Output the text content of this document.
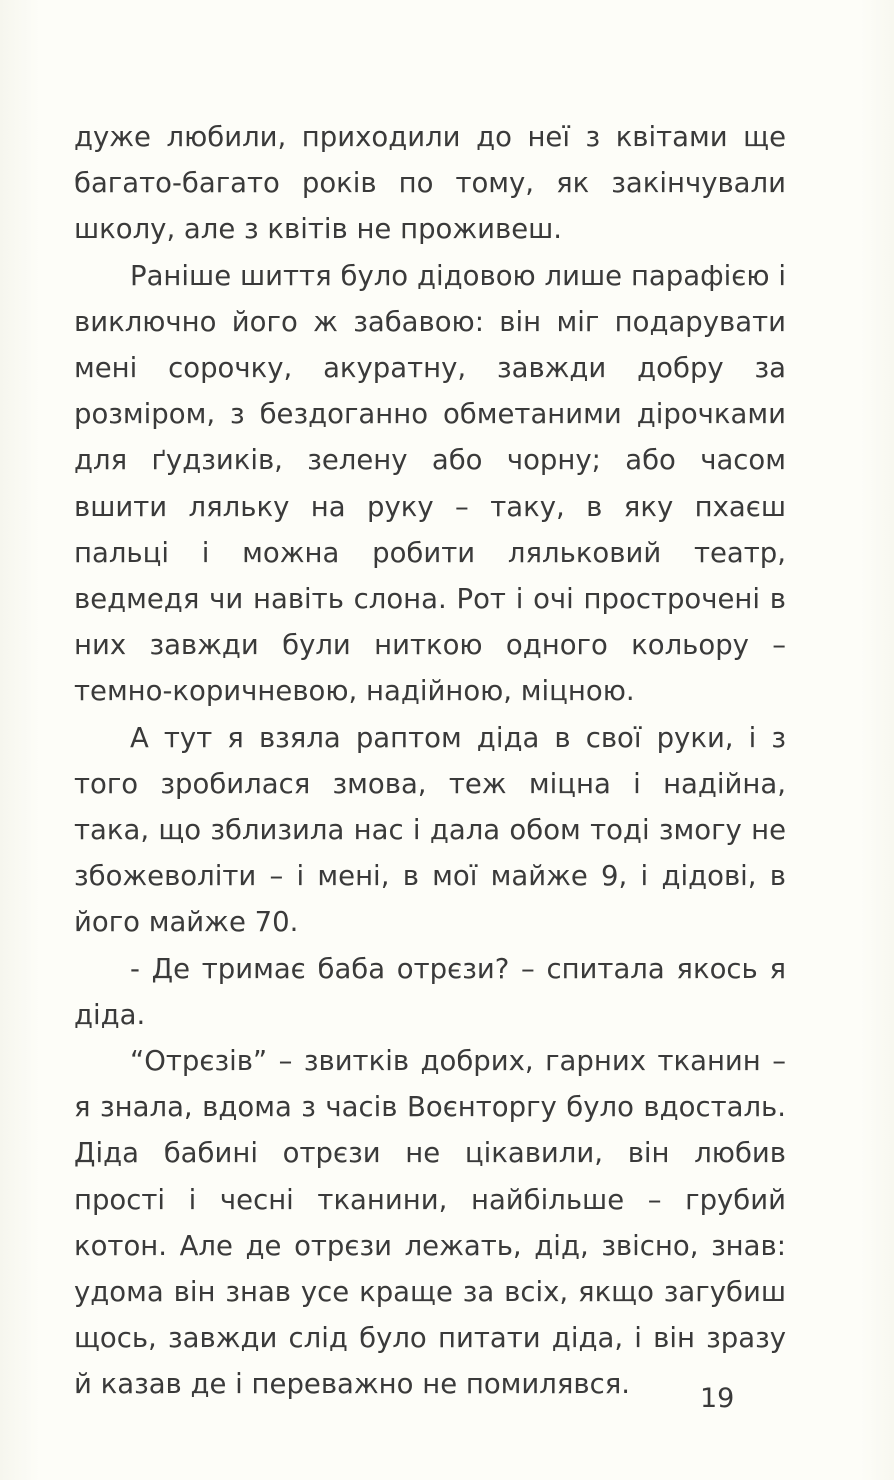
дуже любили, приходили до неї з квітами ще багато-багато років по тому, як закінчували школу, але з квітів не проживеш.

Раніше шиття було дідовою лише парафією і виключно його ж забавою: він міг подарувати мені сорочку, акуратну, завжди добру за розміром, з бездоганно обметаними дірочками для ґудзиків, зелену або чорну; або часом вшити ляльку на руку – таку, в яку пхаєш пальці і можна робити ляльковий театр, ведмедя чи навіть слона. Рот і очі прострочені в них завжди були ниткою одного кольору – темно-коричневою, надійною, міцною.

А тут я взяла раптом діда в свої руки, і з того зробилася змова, теж міцна і надійна, така, що зблизила нас і дала обом тоді змогу не збожеволіти – і мені, в мої майже 9, і дідові, в його майже 70.

- Де тримає баба отрєзи? – спитала якось я діда.

“Отрєзів” – звитків добрих, гарних тканин – я знала, вдома з часів Воєнторгу було вдосталь. Діда бабині отрєзи не цікавили, він любив прості і чесні тканини, найбільше – грубий котон. Але де отрєзи лежать, дід, звісно, знав: удома він знав усе краще за всіх, якщо загубиш щось, завжди слід було питати діда, і він зразу й казав де і переважно не помилявся.	19
